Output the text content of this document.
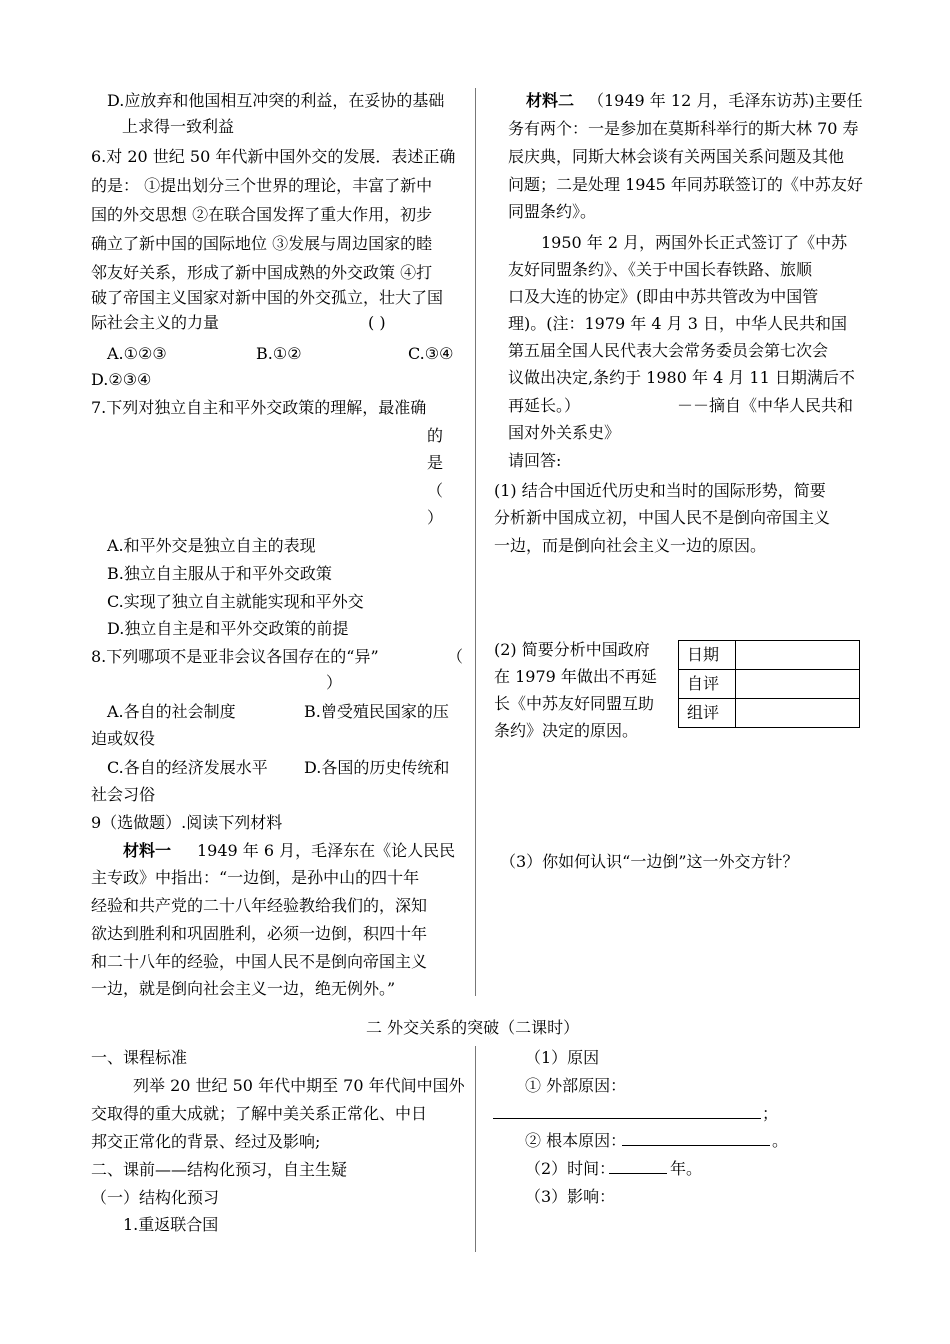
D.应放弃和他国相互冲突的利益，在妥协的基础
上求得一致利益
6.对 20 世纪 50 年代新中国外交的发展．表述正确
的是： ①提出划分三个世界的理论，丰富了新中
国的外交思想 ②在联合国发挥了重大作用，初步
确立了新中国的国际地位 ③发展与周边国家的睦
邻友好关系，形成了新中国成熟的外交政策 ④打
破了帝国主义国家对新中国的外交孤立，壮大了国
际社会主义的力量	( )
A.①②③	B.①②	C.③④
D.②③④
7.下列对独立自主和平外交政策的理解，最准确
的
是
（
）
A.和平外交是独立自主的表现
B.独立自主服从于和平外交政策
C.实现了独立自主就能实现和平外交
D.独立自主是和平外交政策的前提
8.下列哪项不是亚非会议各国存在的“异”	（
）
A.各自的社会制度	B.曾受殖民国家的压
迫或奴役
C.各自的经济发展水平 D.各国的历史传统和
社会习俗
9（选做题）.阅读下列材料
材料一 1949 年 6 月，毛泽东在《论人民民
主专政》中指出：“一边倒，是孙中山的四十年
经验和共产党的二十八年经验教给我们的，深知
欲达到胜利和巩固胜利，必须一边倒，积四十年
和二十八年的经验，中国人民不是倒向帝国主义
一边，就是倒向社会主义一边，绝无例外。”
材料二 （1949 年 12 月，毛泽东访苏)主要任
务有两个：一是参加在莫斯科举行的斯大林 70 寿
辰庆典，同斯大林会谈有关两国关系问题及其他
问题；二是处理 1945 年同苏联签订的《中苏友好
同盟条约》。
1950 年 2 月，两国外长正式签订了《中苏
友好同盟条约》、《关于中国长春铁路、旅顺
口及大连的协定》(即由中苏共管改为中国管
理)。(注：1979 年 4 月 3 日，中华人民共和国
第五届全国人民代表大会常务委员会第七次会
议做出决定,条约于 1980 年 4 月 11 日期满后不
再延长。）	－－摘自《中华人民共和
国对外关系史》
请回答:
(1) 结合中国近代历史和当时的国际形势，简要
分析新中国成立初，中国人民不是倒向帝国主义
一边，而是倒向社会主义一边的原因。
(2) 简要分析中国政府
在 1979 年做出不再延
长《中苏友好同盟互助
条约》决定的原因。
日期	
自评	
组评	
（3）你如何认识“一边倒”这一外交方针？
二 外交关系的突破（二课时）
一、课程标准
列举 20 世纪 50 年代中期至 70 年代间中国外
交取得的重大成就；了解中美关系正常化、中日
邦交正常化的背景、经过及影响;
二、课前——结构化预习，自主生疑
（一）结构化预习
1.重返联合国
（1）原因
① 外部原因：
；
② 根本原因：	。
（2）时间：	年。
（3）影响：
